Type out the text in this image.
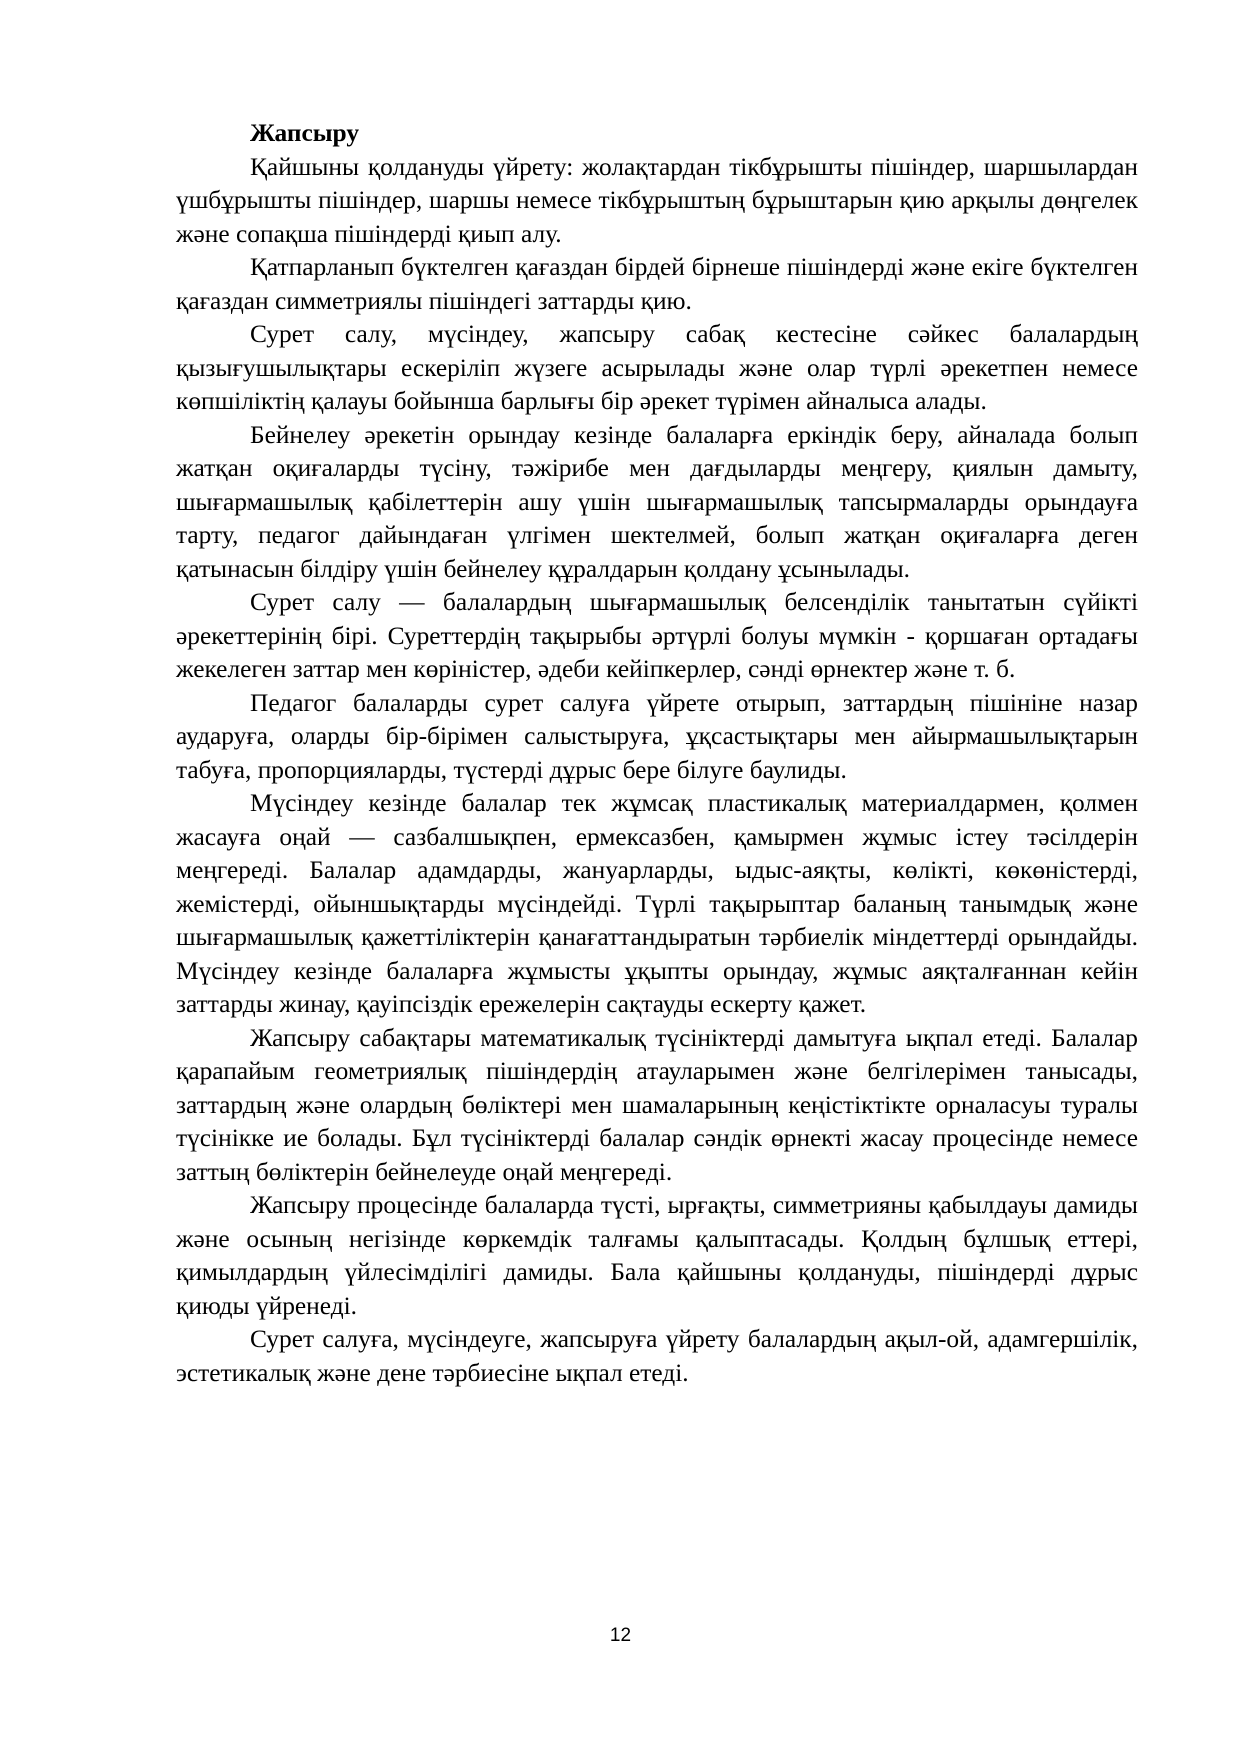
Жапсыру

Қайшыны қолдануды үйрету: жолақтардан тікбұрышты пішіндер, шаршылардан үшбұрышты пішіндер, шаршы немесе тікбұрыштың бұрыштарын қию арқылы дөңгелек және сопақша пішіндерді қиып алу.

Қатпарланып бүктелген қағаздан бірдей бірнеше пішіндерді және екіге бүктелген қағаздан симметриялы пішіндегі заттарды қию.

Сурет салу, мүсіндеу, жапсыру сабақ кестесіне сәйкес балалардың қызығушылықтары ескеріліп жүзеге асырылады және олар түрлі әрекетпен немесе көпшіліктің қалауы бойынша барлығы бір әрекет түрімен айналыса алады.

Бейнелеу әрекетін орындау кезінде балаларға еркіндік беру, айналада болып жатқан оқиғаларды түсіну, тәжірибе мен дағдыларды меңгеру, қиялын дамыту, шығармашылық қабілеттерін ашу үшін шығармашылық тапсырмаларды орындауға тарту, педагог дайындаған үлгімен шектелмей, болып жатқан оқиғаларға деген қатынасын білдіру үшін бейнелеу құралдарын қолдану ұсынылады.

Сурет салу — балалардың шығармашылық белсенділік танытатын сүйікті әрекеттерінің бірі. Суреттердің тақырыбы әртүрлі болуы мүмкін - қоршаған ортадағы жекелеген заттар мен көріністер, әдеби кейіпкерлер, сәнді өрнектер және т. б.

Педагог балаларды сурет салуға үйрете отырып, заттардың пішініне назар аударуға, оларды бір-бірімен салыстыруға, ұқсастықтары мен айырмашылықтарын табуға, пропорцияларды, түстерді дұрыс бере білуге баулиды.

Мүсіндеу кезінде балалар тек жұмсақ пластикалық материалдармен, қолмен жасауға оңай — сазбалшықпен, ермексазбен, қамырмен жұмыс істеу тәсілдерін меңгереді. Балалар адамдарды, жануарларды, ыдыс-аяқты, көлікті, көкөністерді, жемістерді, ойыншықтарды мүсіндейді. Түрлі тақырыптар баланың танымдық және шығармашылық қажеттіліктерін қанағаттандыратын тәрбиелік міндеттерді орындайды. Мүсіндеу кезінде балаларға жұмысты ұқыпты орындау, жұмыс аяқталғаннан кейін заттарды жинау, қауіпсіздік ережелерін сақтауды ескерту қажет.

Жапсыру сабақтары математикалық түсініктерді дамытуға ықпал етеді. Балалар қарапайым геометриялық пішіндердің атауларымен және белгілерімен танысады, заттардың және олардың бөліктері мен шамаларының кеңістіктікте орналасуы туралы түсінікке ие болады. Бұл түсініктерді балалар сәндік өрнекті жасау процесінде немесе заттың бөліктерін бейнелеуде оңай меңгереді.

Жапсыру процесінде балаларда түсті, ырғақты, симметрияны қабылдауы дамиды және осының негізінде көркемдік талғамы қалыптасады. Қолдың бұлшық еттері, қимылдардың үйлесімділігі дамиды. Бала қайшыны қолдануды, пішіндерді дұрыс қиюды үйренеді.

Сурет салуға, мүсіндеуге, жапсыруға үйрету балалардың ақыл-ой, адамгершілік, эстетикалық және дене тәрбиесіне ықпал етеді.

12
